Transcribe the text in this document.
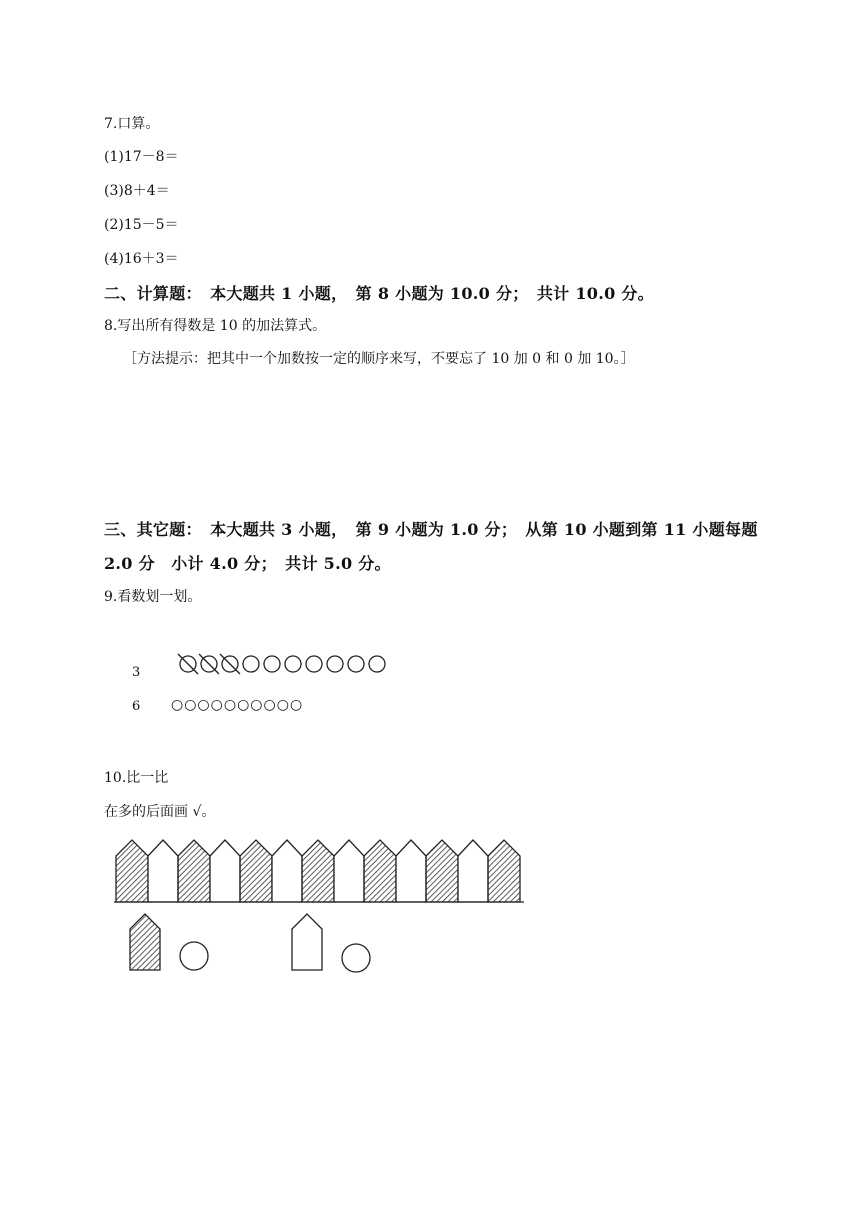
7.口算。
(1)17－8＝
(3)8＋4＝
(2)15－5＝
(4)16＋3＝
二、计算题：　本大题共 1 小题，　第 8 小题为 10.0 分；　共计 10.0 分。
8.写出所有得数是 10 的加法算式。
［方法提示：把其中一个加数按一定的顺序来写，不要忘了 10 加 0 和 0 加 10。］
三、其它题：　本大题共 3 小题，　第 9 小题为 1.0 分；　从第 10 小题到第 11 小题每题
2.0 分　小计 4.0 分；　共计 5.0 分。
9.看数划一划。
3
6 ○○○○○○○○○○
10.比一比
在多的后面画 √。
